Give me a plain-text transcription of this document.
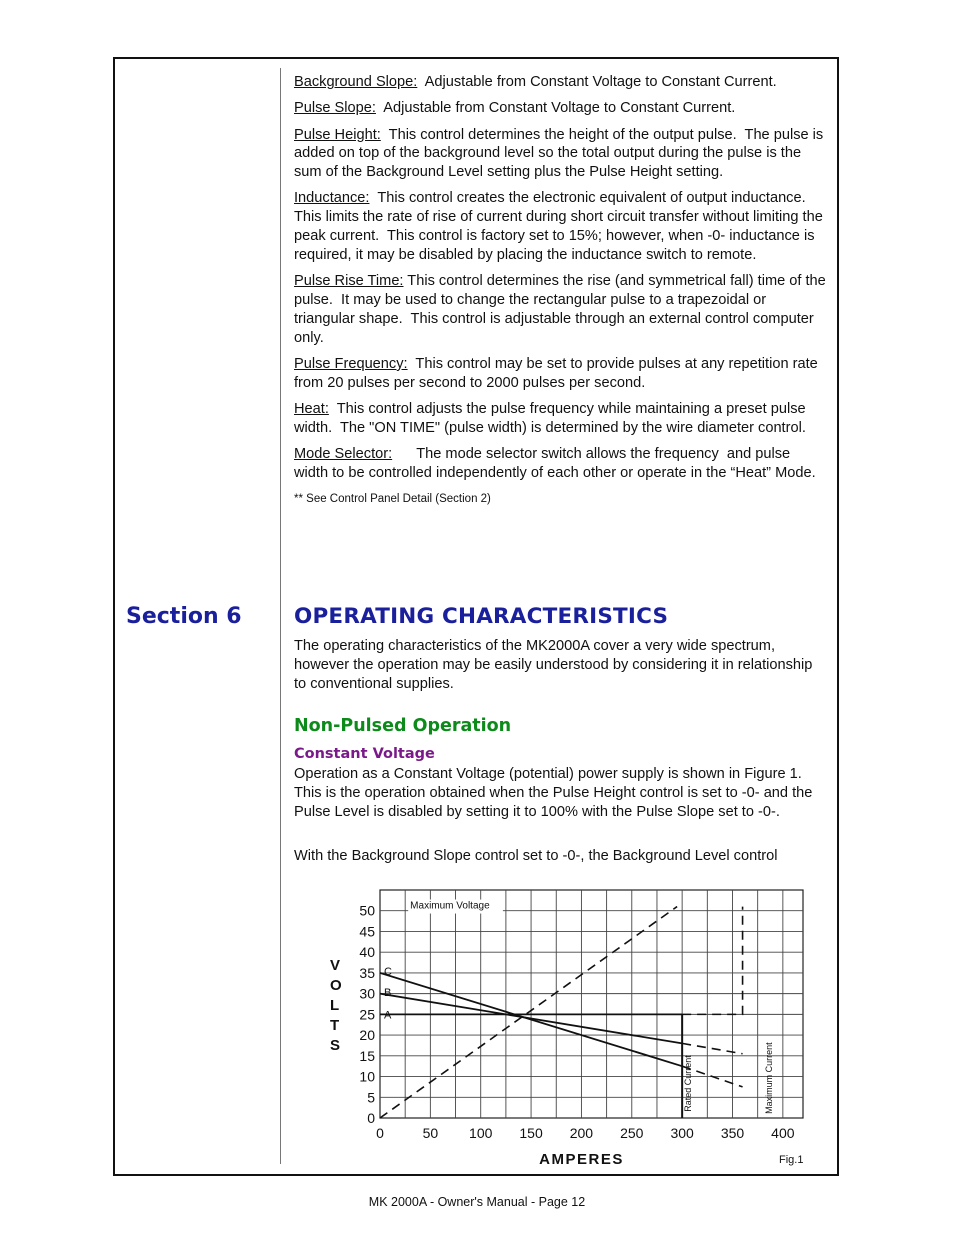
Background Slope:  Adjustable from Constant Voltage to Constant Current.

Pulse Slope:  Adjustable from Constant Voltage to Constant Current.

Pulse Height:  This control determines the height of the output pulse.  The pulse is added on top of the background level so the total output during the pulse is the sum of the Background Level setting plus the Pulse Height setting.

Inductance:  This control creates the electronic equivalent of output inductance.  This limits the rate of rise of current during short circuit transfer without limiting the peak current.  This control is factory set to 15%; however, when -0- inductance is required, it may be disabled by placing the inductance switch to remote.

Pulse Rise Time: This control determines the rise (and symmetrical fall) time of the pulse.  It may be used to change the rectangular pulse to a trapezoidal or triangular shape.  This control is adjustable through an external control computer only.

Pulse Frequency:  This control may be set to provide pulses at any repetition rate from 20 pulses per second to 2000 pulses per second.

Heat:  This control adjusts the pulse frequency while maintaining a preset pulse width.  The "ON TIME" (pulse width) is determined by the wire diameter control.

Mode Selector:      The mode selector switch allows the frequency  and pulse width to be controlled independently of each other or operate in the “Heat” Mode.

** See Control Panel Detail (Section 2)

Section 6 OPERATING CHARACTERISTICS
The operating characteristics of the MK2000A cover a very wide spectrum, however the operation may be easily understood by considering it in relationship to conventional supplies.
Non-Pulsed Operation
Constant Voltage
Operation as a Constant Voltage (potential) power supply is shown in Figure 1. This is the operation obtained when the Pulse Height control is set to -0- and the Pulse Level is disabled by setting it to 100% with the Pulse Slope set to -0-.
With the Background Slope control set to -0-, the Background Level control
0	50 100 150 200 250 300 350 400
0
5
10
15
20
25
30
35
40
45
50
AMPERES
V O L T S
C
B
A
Maximum Voltage
Rated Current	Maximum Current
Fig.1
MK 2000A - Owner's Manual - Page 12
